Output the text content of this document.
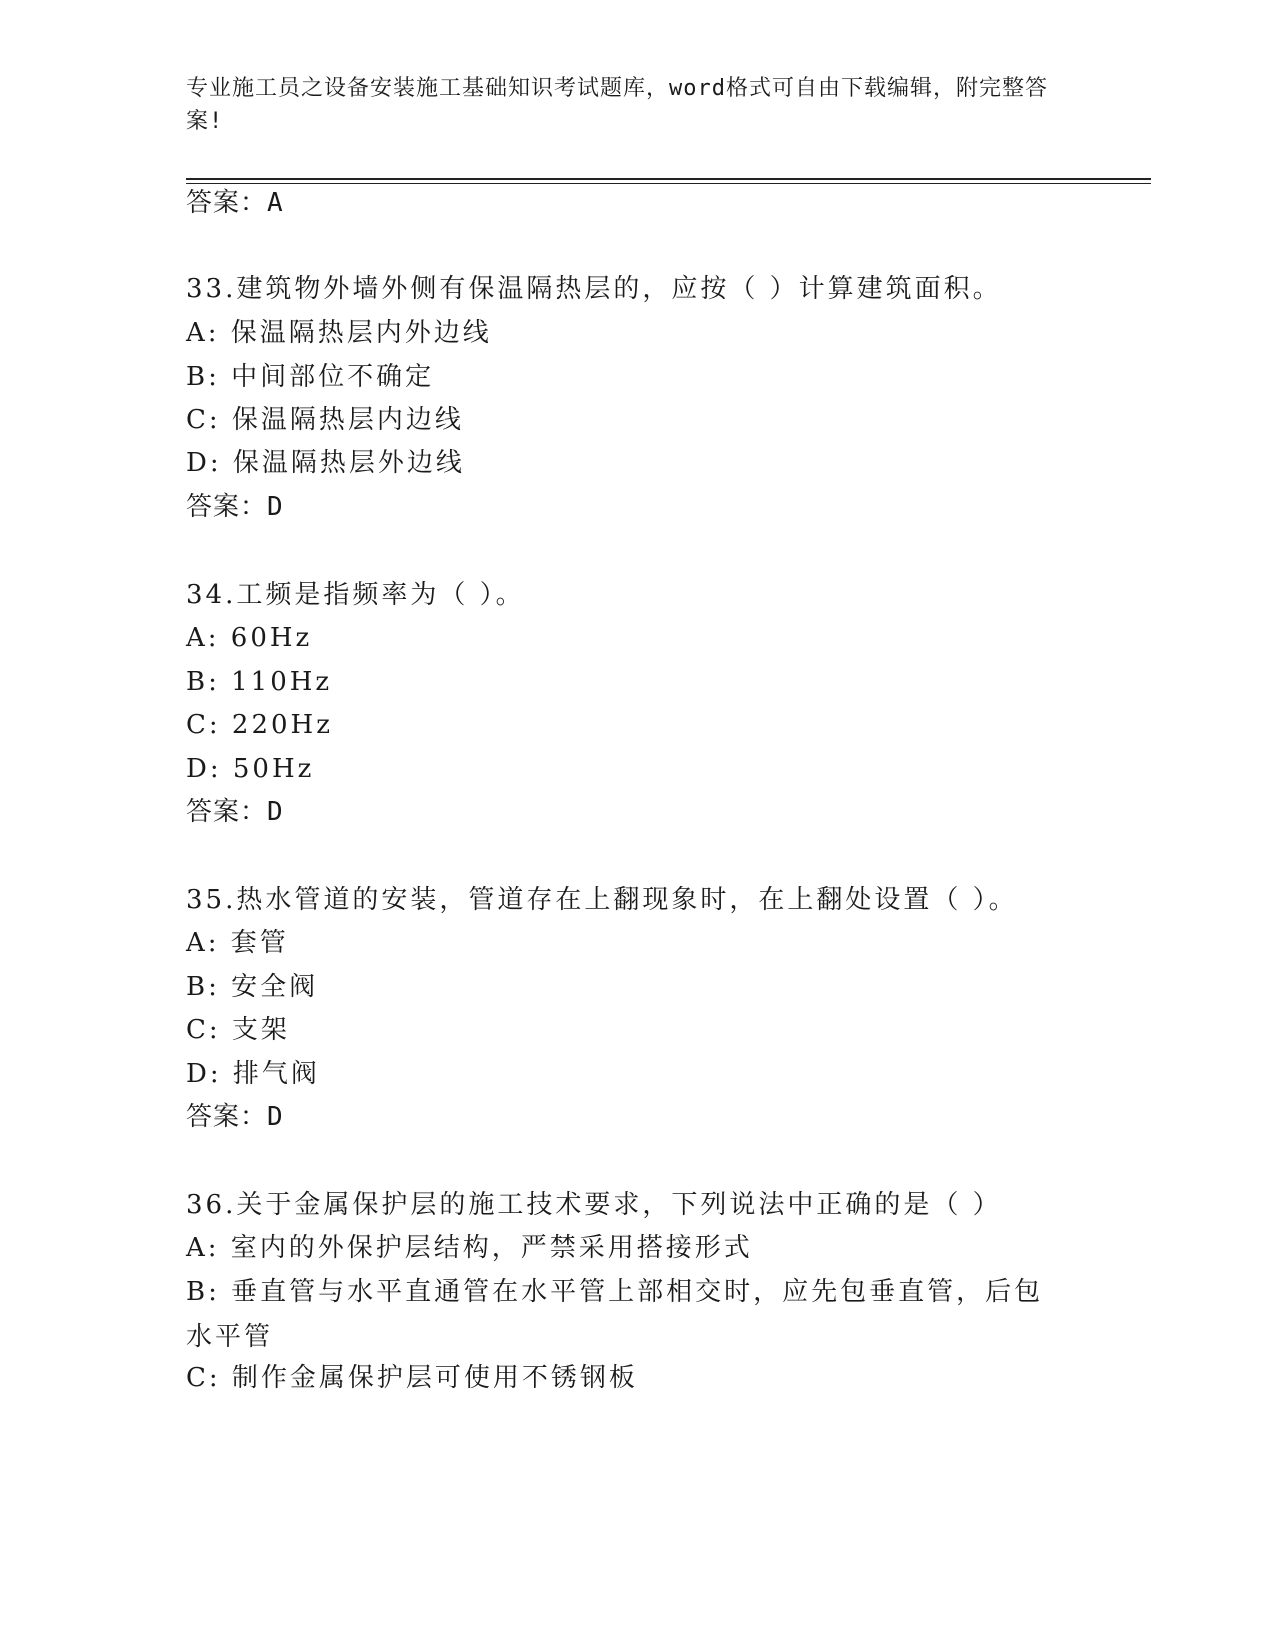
专业施工员之设备安装施工基础知识考试题库，word格式可自由下载编辑，附完整答案!
答案：A
33.建筑物外墙外侧有保温隔热层的，应按（ ）计算建筑面积。
A: 保温隔热层内外边线
B: 中间部位不确定
C: 保温隔热层内边线
D: 保温隔热层外边线
答案：D
34.工频是指频率为（ ）。
A: 60Hz
B: 110Hz
C: 220Hz
D: 50Hz
答案：D
35.热水管道的安装，管道存在上翻现象时，在上翻处设置（ ）。
A: 套管
B: 安全阀
C: 支架
D: 排气阀
答案：D
36.关于金属保护层的施工技术要求，下列说法中正确的是（ ）
A: 室内的外保护层结构，严禁采用搭接形式
B: 垂直管与水平直通管在水平管上部相交时，应先包垂直管，后包水平管
C: 制作金属保护层可使用不锈钢板
